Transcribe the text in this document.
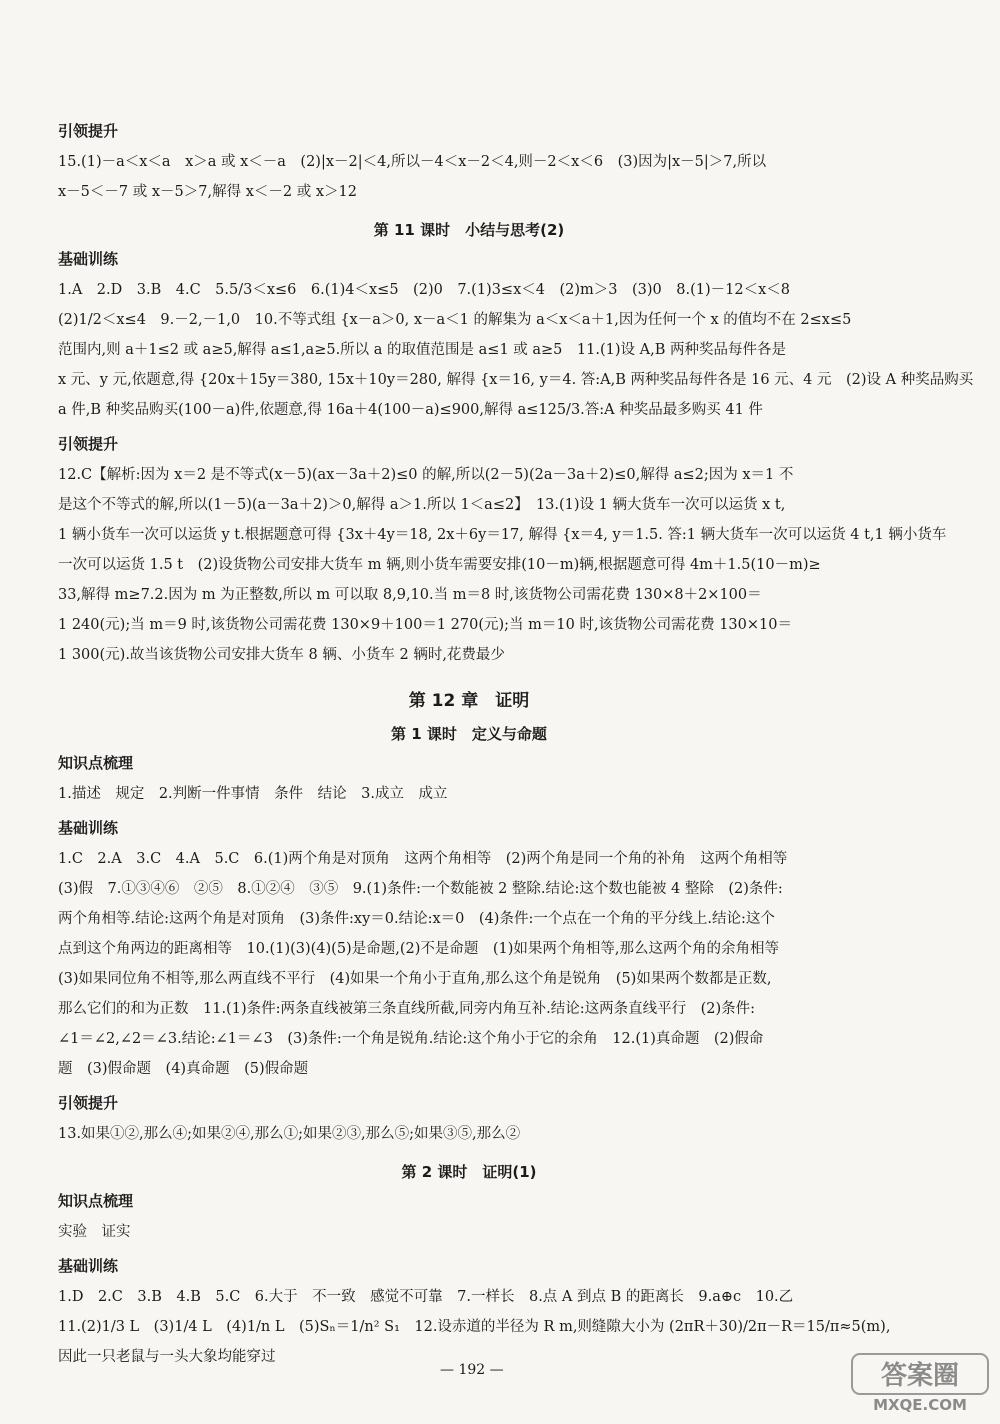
引领提升
15.(1)－a＜x＜a　x＞a 或 x＜－a　(2)|x－2|＜4,所以－4＜x－2＜4,则－2＜x＜6　(3)因为|x－5|＞7,所以
x－5＜－7 或 x－5＞7,解得 x＜－2 或 x＞12
第 11 课时　小结与思考(2)
基础训练
1.A　2.D　3.B　4.C　5.5/3＜x≤6　6.(1)4＜x≤5　(2)0　7.(1)3≤x＜4　(2)m＞3　(3)0　8.(1)－12＜x＜8
(2)1/2＜x≤4　9.－2,－1,0　10.不等式组 {x－a＞0, x－a＜1 的解集为 a＜x＜a＋1,因为任何一个 x 的值均不在 2≤x≤5
范围内,则 a＋1≤2 或 a≥5,解得 a≤1,a≥5.所以 a 的取值范围是 a≤1 或 a≥5　11.(1)设 A,B 两种奖品每件各是
x 元、y 元,依题意,得 {20x＋15y＝380, 15x＋10y＝280, 解得 {x＝16, y＝4. 答:A,B 两种奖品每件各是 16 元、4 元　(2)设 A 种奖品购买
a 件,B 种奖品购买(100－a)件,依题意,得 16a＋4(100－a)≤900,解得 a≤125/3.答:A 种奖品最多购买 41 件
引领提升
12.C【解析:因为 x＝2 是不等式(x－5)(ax－3a＋2)≤0 的解,所以(2－5)(2a－3a＋2)≤0,解得 a≤2;因为 x＝1 不
是这个不等式的解,所以(1－5)(a－3a＋2)＞0,解得 a＞1.所以 1＜a≤2】　13.(1)设 1 辆大货车一次可以运货 x t,
1 辆小货车一次可以运货 y t.根据题意可得 {3x＋4y＝18, 2x＋6y＝17, 解得 {x＝4, y＝1.5. 答:1 辆大货车一次可以运货 4 t,1 辆小货车
一次可以运货 1.5 t　(2)设货物公司安排大货车 m 辆,则小货车需要安排(10－m)辆,根据题意可得 4m＋1.5(10－m)≥
33,解得 m≥7.2.因为 m 为正整数,所以 m 可以取 8,9,10.当 m＝8 时,该货物公司需花费 130×8＋2×100＝
1 240(元);当 m＝9 时,该货物公司需花费 130×9＋100＝1 270(元);当 m＝10 时,该货物公司需花费 130×10＝
1 300(元).故当该货物公司安排大货车 8 辆、小货车 2 辆时,花费最少
第 12 章　证明
第 1 课时　定义与命题
知识点梳理
1.描述　规定　2.判断一件事情　条件　结论　3.成立　成立
基础训练
1.C　2.A　3.C　4.A　5.C　6.(1)两个角是对顶角　这两个角相等　(2)两个角是同一个角的补角　这两个角相等
(3)假　7.①③④⑥　②⑤　8.①②④　③⑤　9.(1)条件:一个数能被 2 整除.结论:这个数也能被 4 整除　(2)条件:
两个角相等.结论:这两个角是对顶角　(3)条件:xy＝0.结论:x＝0　(4)条件:一个点在一个角的平分线上.结论:这个
点到这个角两边的距离相等　10.(1)(3)(4)(5)是命题,(2)不是命题　(1)如果两个角相等,那么这两个角的余角相等
(3)如果同位角不相等,那么两直线不平行　(4)如果一个角小于直角,那么这个角是锐角　(5)如果两个数都是正数,
那么它们的和为正数　11.(1)条件:两条直线被第三条直线所截,同旁内角互补.结论:这两条直线平行　(2)条件:
∠1＝∠2,∠2＝∠3.结论:∠1＝∠3　(3)条件:一个角是锐角.结论:这个角小于它的余角　12.(1)真命题　(2)假命
题　(3)假命题　(4)真命题　(5)假命题
引领提升
13.如果①②,那么④;如果②④,那么①;如果②③,那么⑤;如果③⑤,那么②
第 2 课时　证明(1)
知识点梳理
实验　证实
基础训练
1.D　2.C　3.B　4.B　5.C　6.大于　不一致　感觉不可靠　7.一样长　8.点 A 到点 B 的距离长　9.a⊕c　10.乙
11.(2)1/3 L　(3)1/4 L　(4)1/n L　(5)Sₙ＝1/n² S₁　12.设赤道的半径为 R m,则缝隙大小为 (2πR＋30)/2π－R＝15/π≈5(m),
因此一只老鼠与一头大象均能穿过
— 192 —	答案圈
MXQE.COM
